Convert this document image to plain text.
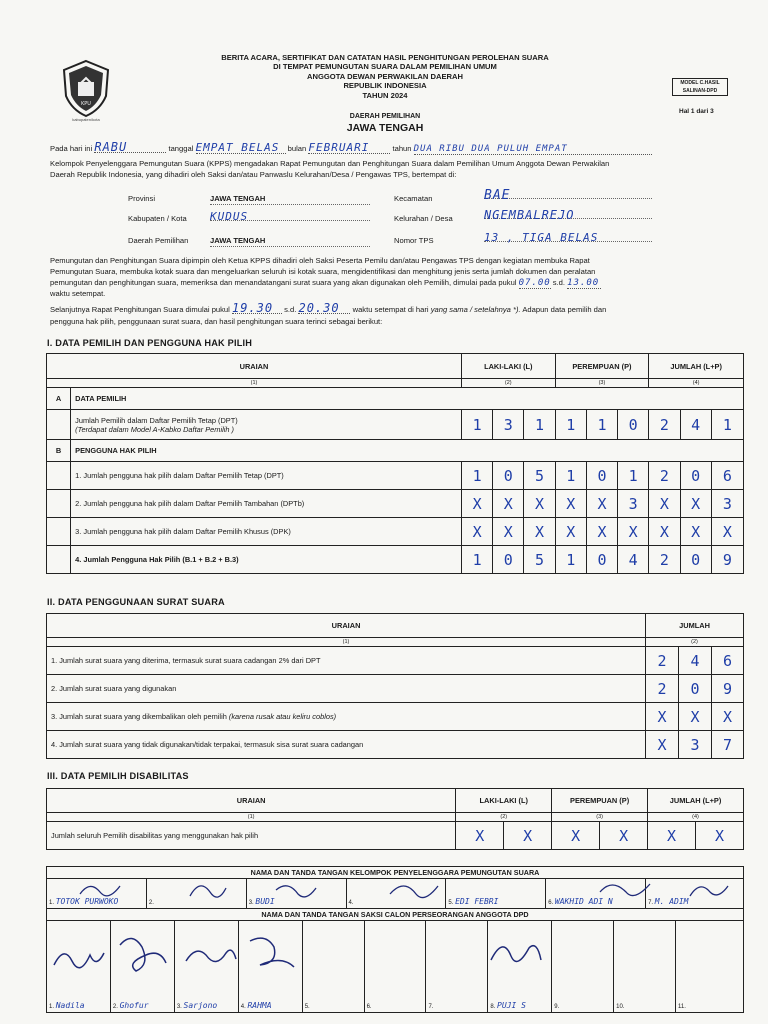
KPU
kabupaten/kota
BERITA ACARA, SERTIFIKAT DAN CATATAN HASIL PENGHITUNGAN PEROLEHAN SUARA
DI TEMPAT PEMUNGUTAN SUARA DALAM PEMILIHAN UMUM
ANGGOTA DEWAN PERWAKILAN DAERAH
REPUBLIK INDONESIA
TAHUN 2024
MODEL C.HASIL
SALINAN-DPD
Hal 1 dari 3
DAERAH PEMILIHAN
JAWA TENGAH
Pada hari ini RABU	tanggal EMPAT BELAS bulan FEBRUARI	tahun DUA RIBU DUA PULUH EMPAT
Kelompok Penyelenggara Pemungutan Suara (KPPS) mengadakan Rapat Pemungutan dan Penghitungan Suara dalam Pemilihan Umum Anggota Dewan Perwakilan
Daerah Republik Indonesia, yang dihadiri oleh Saksi dan/atau Panwaslu Kelurahan/Desa / Pengawas TPS, bertempat di:
Provinsi	JAWA TENGAH
Kabupaten / Kota	KUDUS
Daerah Pemilihan	JAWA TENGAH
Kecamatan	BAE
Kelurahan / Desa	NGEMBALREJO
Nomor TPS	13 , TIGA BELAS
Pemungutan dan Penghitungan Suara dipimpin oleh Ketua KPPS dihadiri oleh Saksi Peserta Pemilu dan/atau Pengawas TPS dengan kegiatan membuka Rapat
Pemungutan Suara, membuka kotak suara dan mengeluarkan seluruh isi kotak suara, mengidentifikasi dan menghitung jenis serta jumlah dokumen dan peralatan
pemungutan dan penghitungan suara, memeriksa dan menandatangani surat suara yang akan digunakan oleh Pemilih, dimulai pada pukul 07.00 s.d. 13.00
waktu setempat.
Selanjutnya Rapat Penghitungan Suara dimulai pukul 19.30 s.d. 20.30 waktu setempat di hari yang sama / setelahnya *). Adapun data pemilih dan
pengguna hak pilih, penggunaan surat suara, dan hasil penghitungan suara terinci sebagai berikut:
I. DATA PEMILIH DAN PENGGUNA HAK PILIH
URAIAN		LAKI-LAKI (L)			PEREMPUAN (P)			JUMLAH (L+P)		
(1)		(2)			(3)			(4)		
A	DATA PEMILIH									

	Jumlah Pemilih dalam Daftar Pemilih Tetap (DPT)
(Terdapat dalam Model A-Kabko Daftar Pemilih )	1	3	1	1	1	0	2	4	1
B	PENGGUNA HAK PILIH									
	1. Jumlah pengguna hak pilih dalam Daftar Pemilih Tetap (DPT)	1	0	5	1	0	1	2	0	6
	2. Jumlah pengguna hak pilih dalam Daftar Pemilih Tambahan (DPTb)	X	X	X	X	X	3	X	X	3
	3. Jumlah pengguna hak pilih dalam Daftar Pemilih Khusus (DPK)	X	X	X	X	X	X	X	X	X
	4. Jumlah Pengguna Hak Pilih (B.1 + B.2 + B.3)	1	0	5	1	0	4	2	0	9
II. DATA PENGGUNAAN SURAT SUARA
URAIAN	JUMLAH		
(1)	(2)		
1. Jumlah surat suara yang diterima, termasuk surat suara cadangan 2% dari DPT	2	4	6
2. Jumlah surat suara yang digunakan	2	0	9
3. Jumlah surat suara yang dikembalikan oleh pemilih (karena rusak atau keliru coblos)	X	X	X
4. Jumlah surat suara yang tidak digunakan/tidak terpakai, termasuk sisa surat suara cadangan	X	3	7
III. DATA PEMILIH DISABILITAS
URAIAN	LAKI-LAKI (L)		PEREMPUAN (P)		JUMLAH (L+P)	
(1)	(2)		(3)		(4)	
Jumlah seluruh Pemilih disabilitas yang menggunakan hak pilih	X	X	X	X	X	X
NAMA DAN TANDA TANGAN KELOMPOK PENYELENGGARA PEMUNGUTAN SUARA
1. TOTOK PURWOKO	2.	3. BUDI	4.	5. EDI FEBRI	6. WAKHID ADI N	7. M. ADIM
NAMA DAN TANDA TANGAN SAKSI CALON PERSEORANGAN ANGGOTA DPD
1. Nadila	2. Ghofur	3. Sarjono	4. RAHMA	5.	6.	7.	8. PUJI S	9.	10.	11.
